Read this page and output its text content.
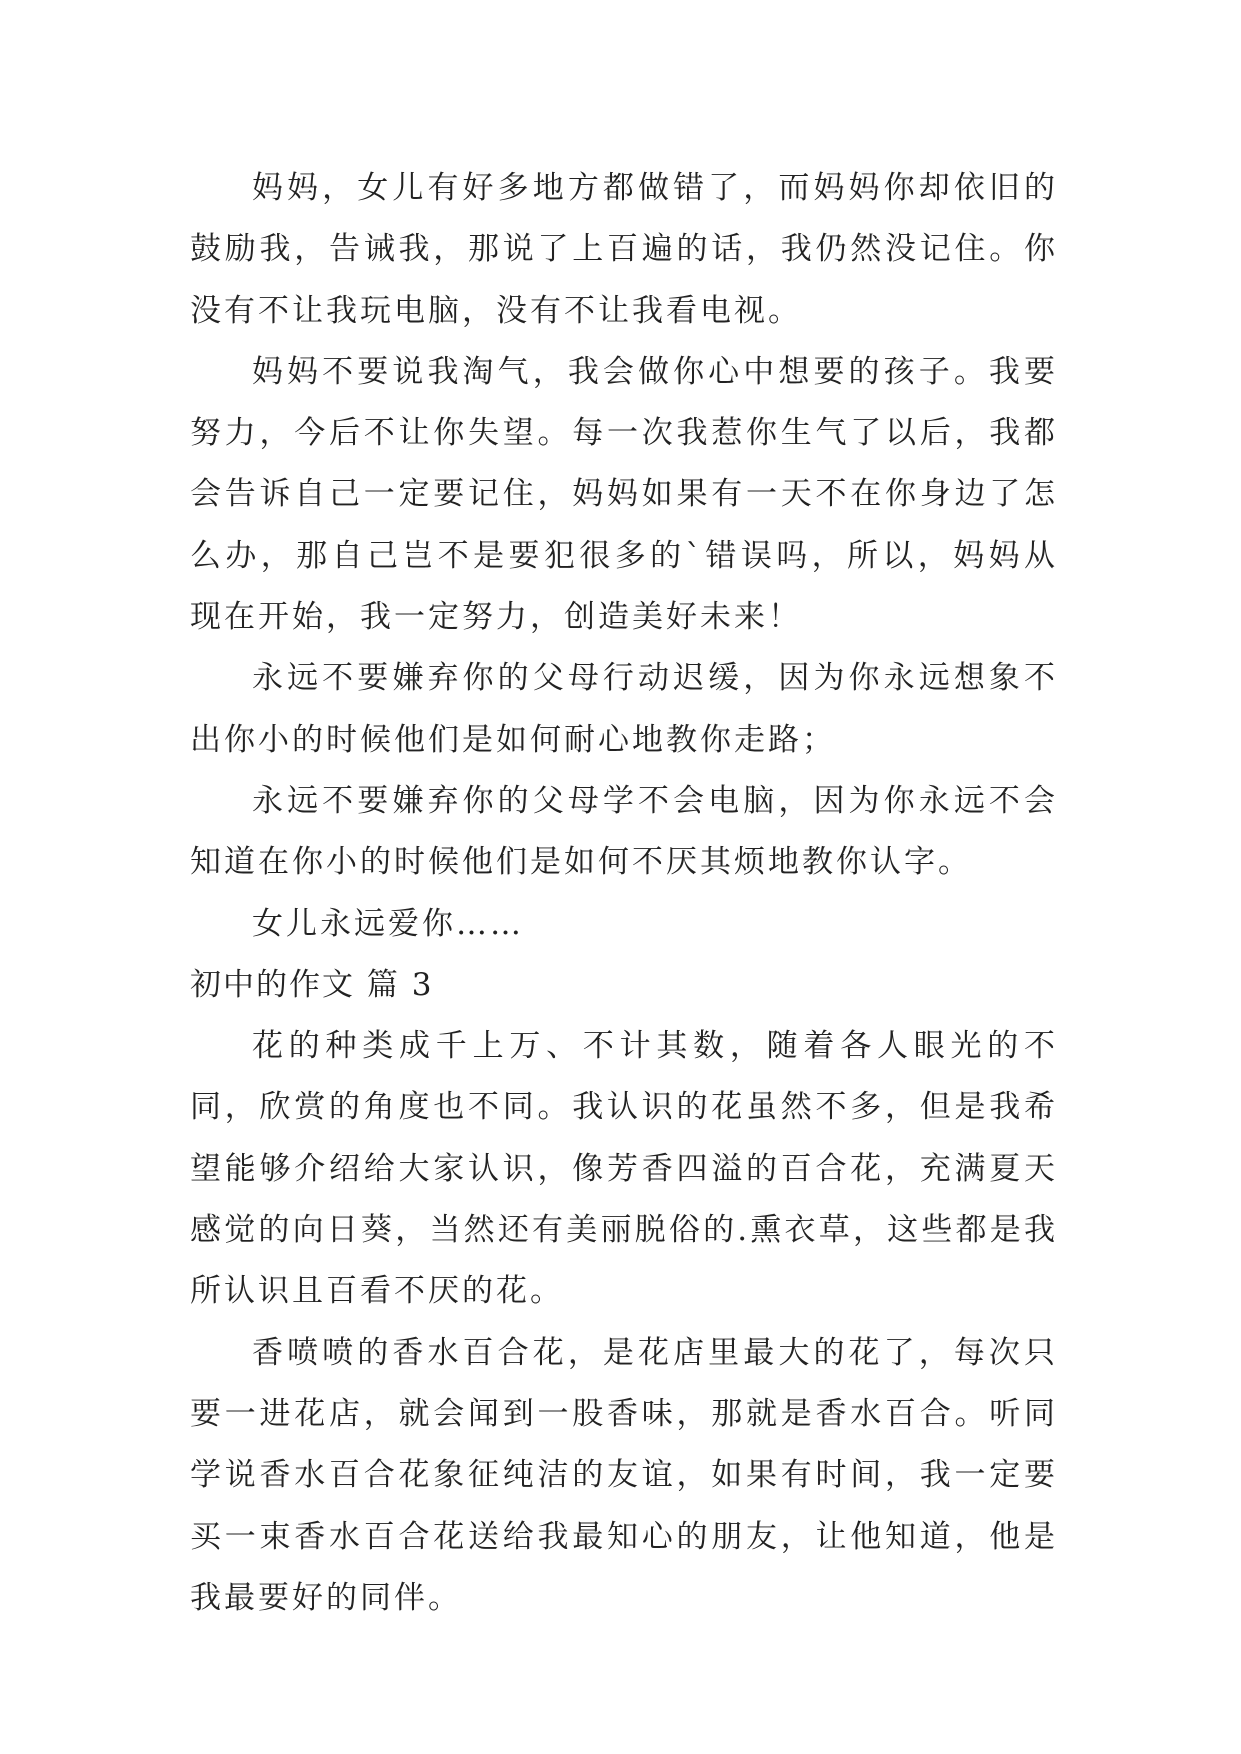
妈妈，女儿有好多地方都做错了，而妈妈你却依旧的鼓励我，告诫我，那说了上百遍的话，我仍然没记住。你没有不让我玩电脑，没有不让我看电视。

妈妈不要说我淘气，我会做你心中想要的孩子。我要努力，今后不让你失望。每一次我惹你生气了以后，我都会告诉自己一定要记住，妈妈如果有一天不在你身边了怎么办，那自己岂不是要犯很多的`错误吗，所以，妈妈从现在开始，我一定努力，创造美好未来！

永远不要嫌弃你的父母行动迟缓，因为你永远想象不出你小的时候他们是如何耐心地教你走路；

永远不要嫌弃你的父母学不会电脑，因为你永远不会知道在你小的时候他们是如何不厌其烦地教你认字。

女儿永远爱你……

初中的作文 篇 3

花的种类成千上万、不计其数，随着各人眼光的不同，欣赏的角度也不同。我认识的花虽然不多，但是我希望能够介绍给大家认识，像芳香四溢的百合花，充满夏天感觉的向日葵，当然还有美丽脱俗的.熏衣草，这些都是我所认识且百看不厌的花。

香喷喷的香水百合花，是花店里最大的花了，每次只要一进花店，就会闻到一股香味，那就是香水百合。听同学说香水百合花象征纯洁的友谊，如果有时间，我一定要买一束香水百合花送给我最知心的朋友，让他知道，他是我最要好的同伴。
